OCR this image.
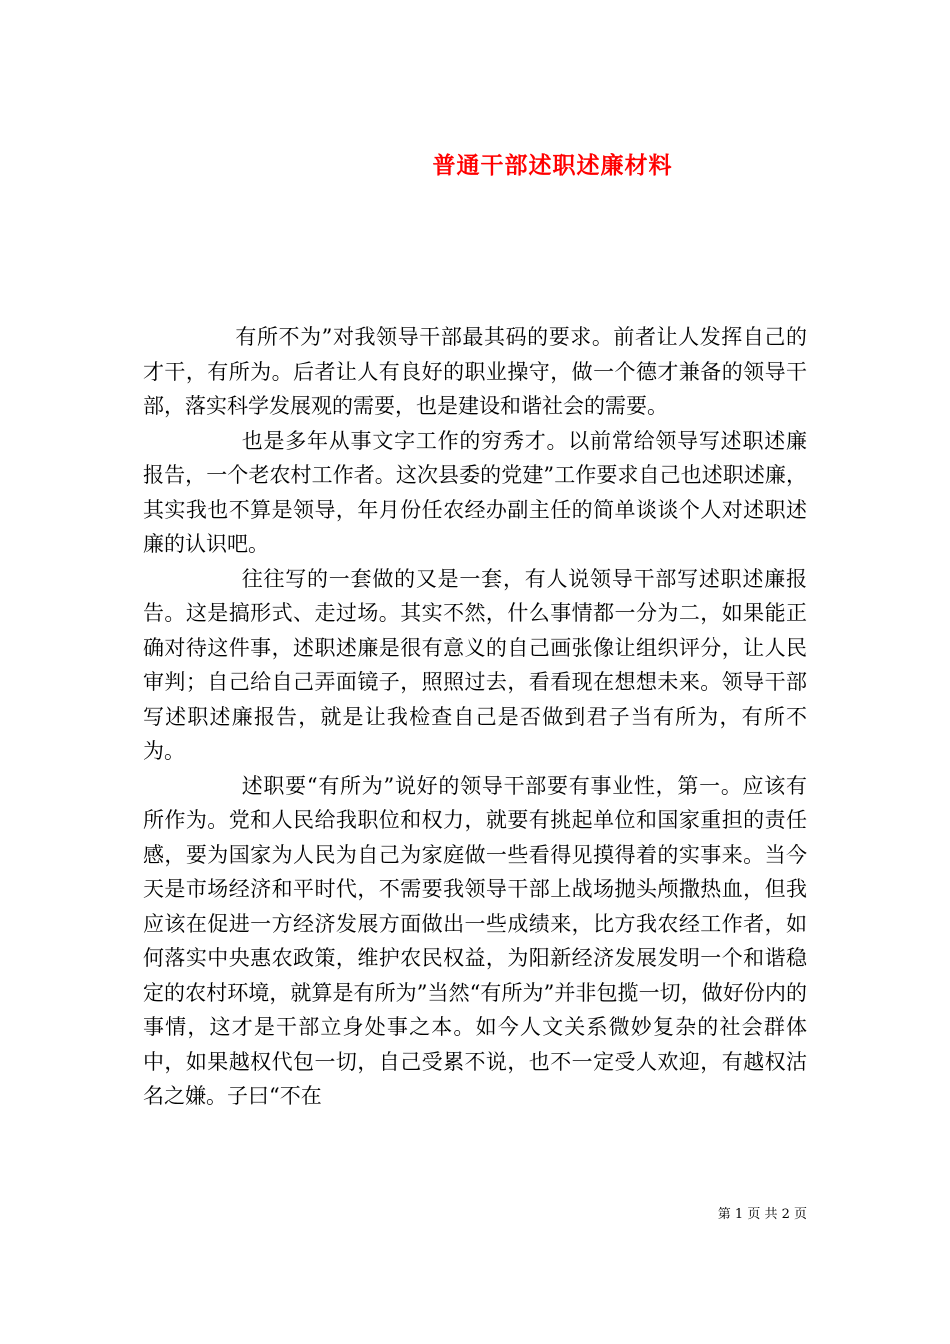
普通干部述职述廉材料

有所不为”对我领导干部最其码的要求。前者让人发挥自己的才干，有所为。后者让人有良好的职业操守，做一个德才兼备的领导干部，落实科学发展观的需要，也是建设和谐社会的需要。

也是多年从事文字工作的穷秀才。以前常给领导写述职述廉报告，一个老农村工作者。这次县委的党建”工作要求自己也述职述廉，其实我也不算是领导，年月份任农经办副主任的简单谈谈个人对述职述廉的认识吧。

往往写的一套做的又是一套，有人说领导干部写述职述廉报告。这是搞形式、走过场。其实不然，什么事情都一分为二，如果能正确对待这件事，述职述廉是很有意义的自己画张像让组织评分，让人民审判；自己给自己弄面镜子，照照过去，看看现在想想未来。领导干部写述职述廉报告，就是让我检查自己是否做到君子当有所为，有所不为。

述职要“有所为”说好的领导干部要有事业性，第一。应该有所作为。党和人民给我职位和权力，就要有挑起单位和国家重担的责任感，要为国家为人民为自己为家庭做一些看得见摸得着的实事来。当今天是市场经济和平时代，不需要我领导干部上战场抛头颅撒热血，但我应该在促进一方经济发展方面做出一些成绩来，比方我农经工作者，如何落实中央惠农政策，维护农民权益，为阳新经济发展发明一个和谐稳定的农村环境，就算是有所为”当然“有所为”并非包揽一切，做好份内的事情，这才是干部立身处事之本。如今人文关系微妙复杂的社会群体中，如果越权代包一切，自己受累不说，也不一定受人欢迎，有越权沽名之嫌。子曰“不在

第 1 页 共 2 页
